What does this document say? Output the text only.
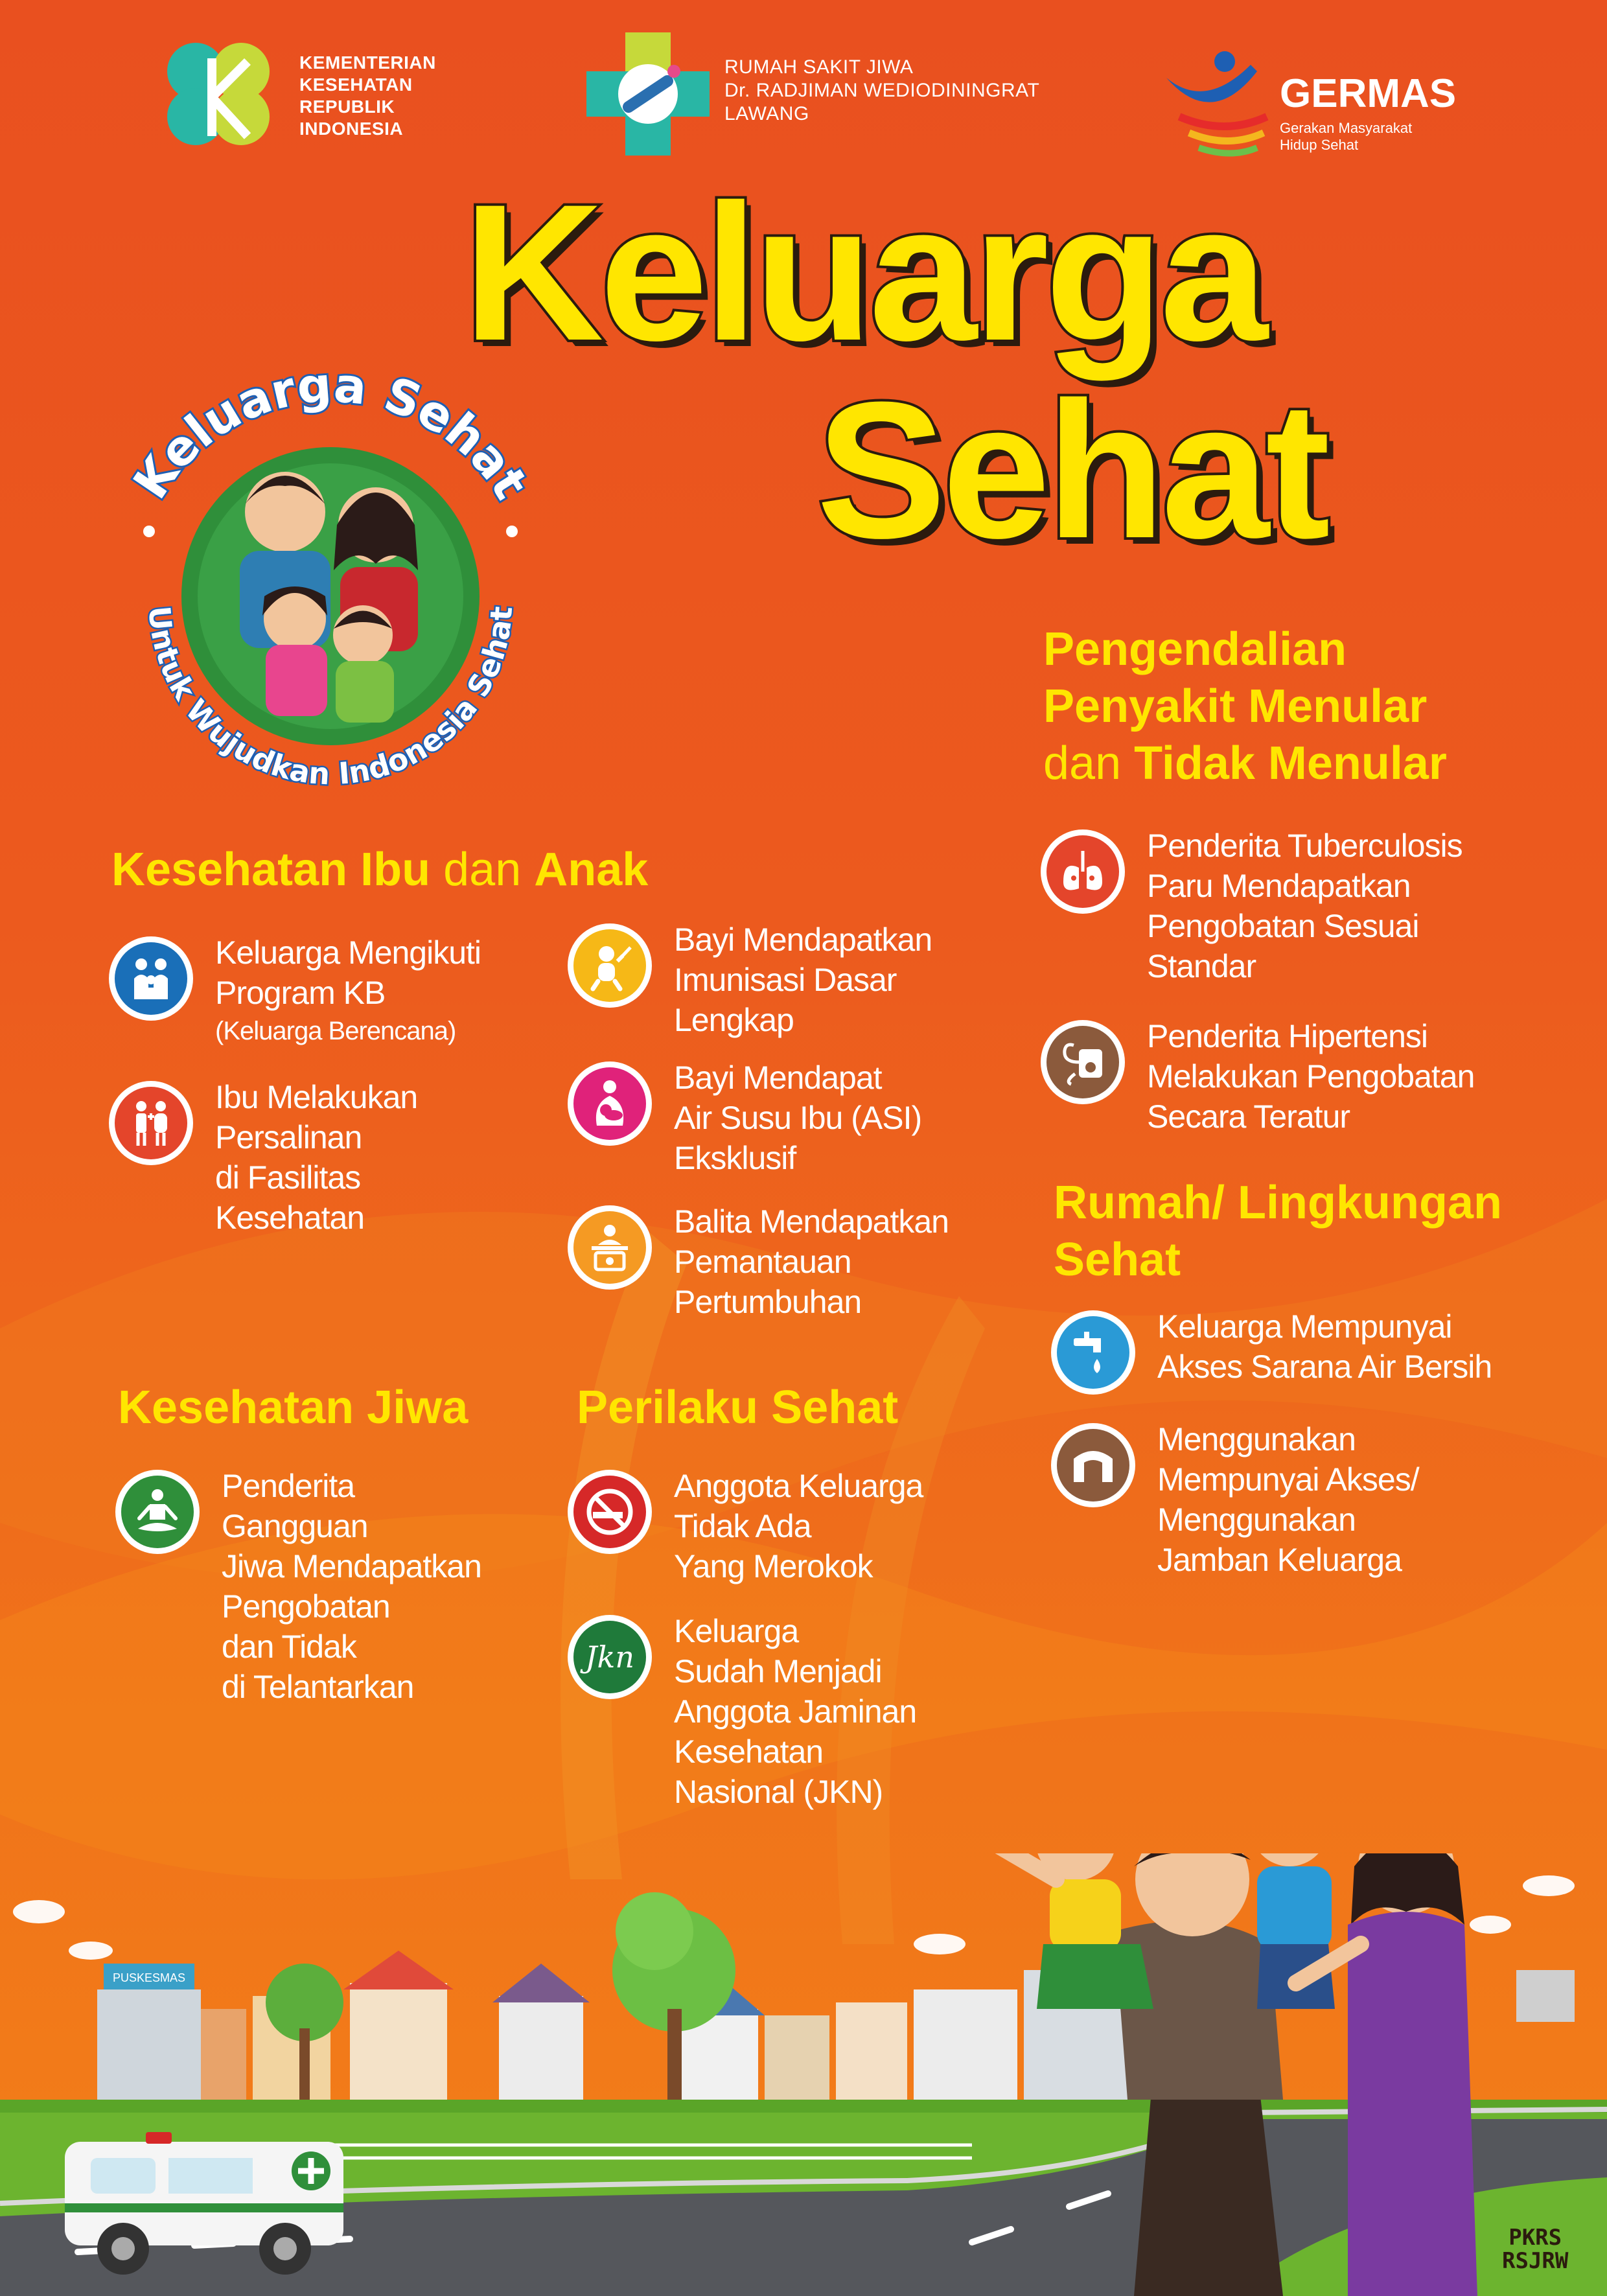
KEMENTERIAN
KESEHATAN
REPUBLIK
INDONESIA
RUMAH SAKIT JIWA
Dr. RADJIMAN WEDIODININGRAT
LAWANG	GERMAS
Gerakan Masyarakat
Hidup Sehat
Keluarga
Sehat
Keluarga Sehat
Untuk Wujudkan Indonesia Sehat
Kesehatan Ibu dan Anak
Keluarga Mengikuti
Program KB
(Keluarga Berencana)
Ibu Melakukan
Persalinan
di Fasilitas
Kesehatan
Bayi Mendapatkan
Imunisasi Dasar
Lengkap
Bayi Mendapat
Air Susu Ibu (ASI)
Eksklusif
Balita Mendapatkan
Pemantauan
Pertumbuhan
Pengendalian
Penyakit Menular
dan Tidak Menular
Penderita Tuberculosis
Paru Mendapatkan
Pengobatan Sesuai
Standar
Penderita Hipertensi
Melakukan Pengobatan
Secara Teratur
Rumah/ Lingkungan
Sehat
Keluarga Mempunyai
Akses Sarana Air Bersih
Menggunakan
Mempunyai Akses/
Menggunakan
Jamban Keluarga
Kesehatan Jiwa
Penderita
Gangguan
Jiwa Mendapatkan
Pengobatan
dan Tidak
di Telantarkan
Perilaku Sehat
Anggota Keluarga
Tidak Ada
Yang Merokok
Jkn
Keluarga
Sudah Menjadi
Anggota Jaminan
Kesehatan
Nasional (JKN)
PUSKESMAS
PKRS
RSJRW
